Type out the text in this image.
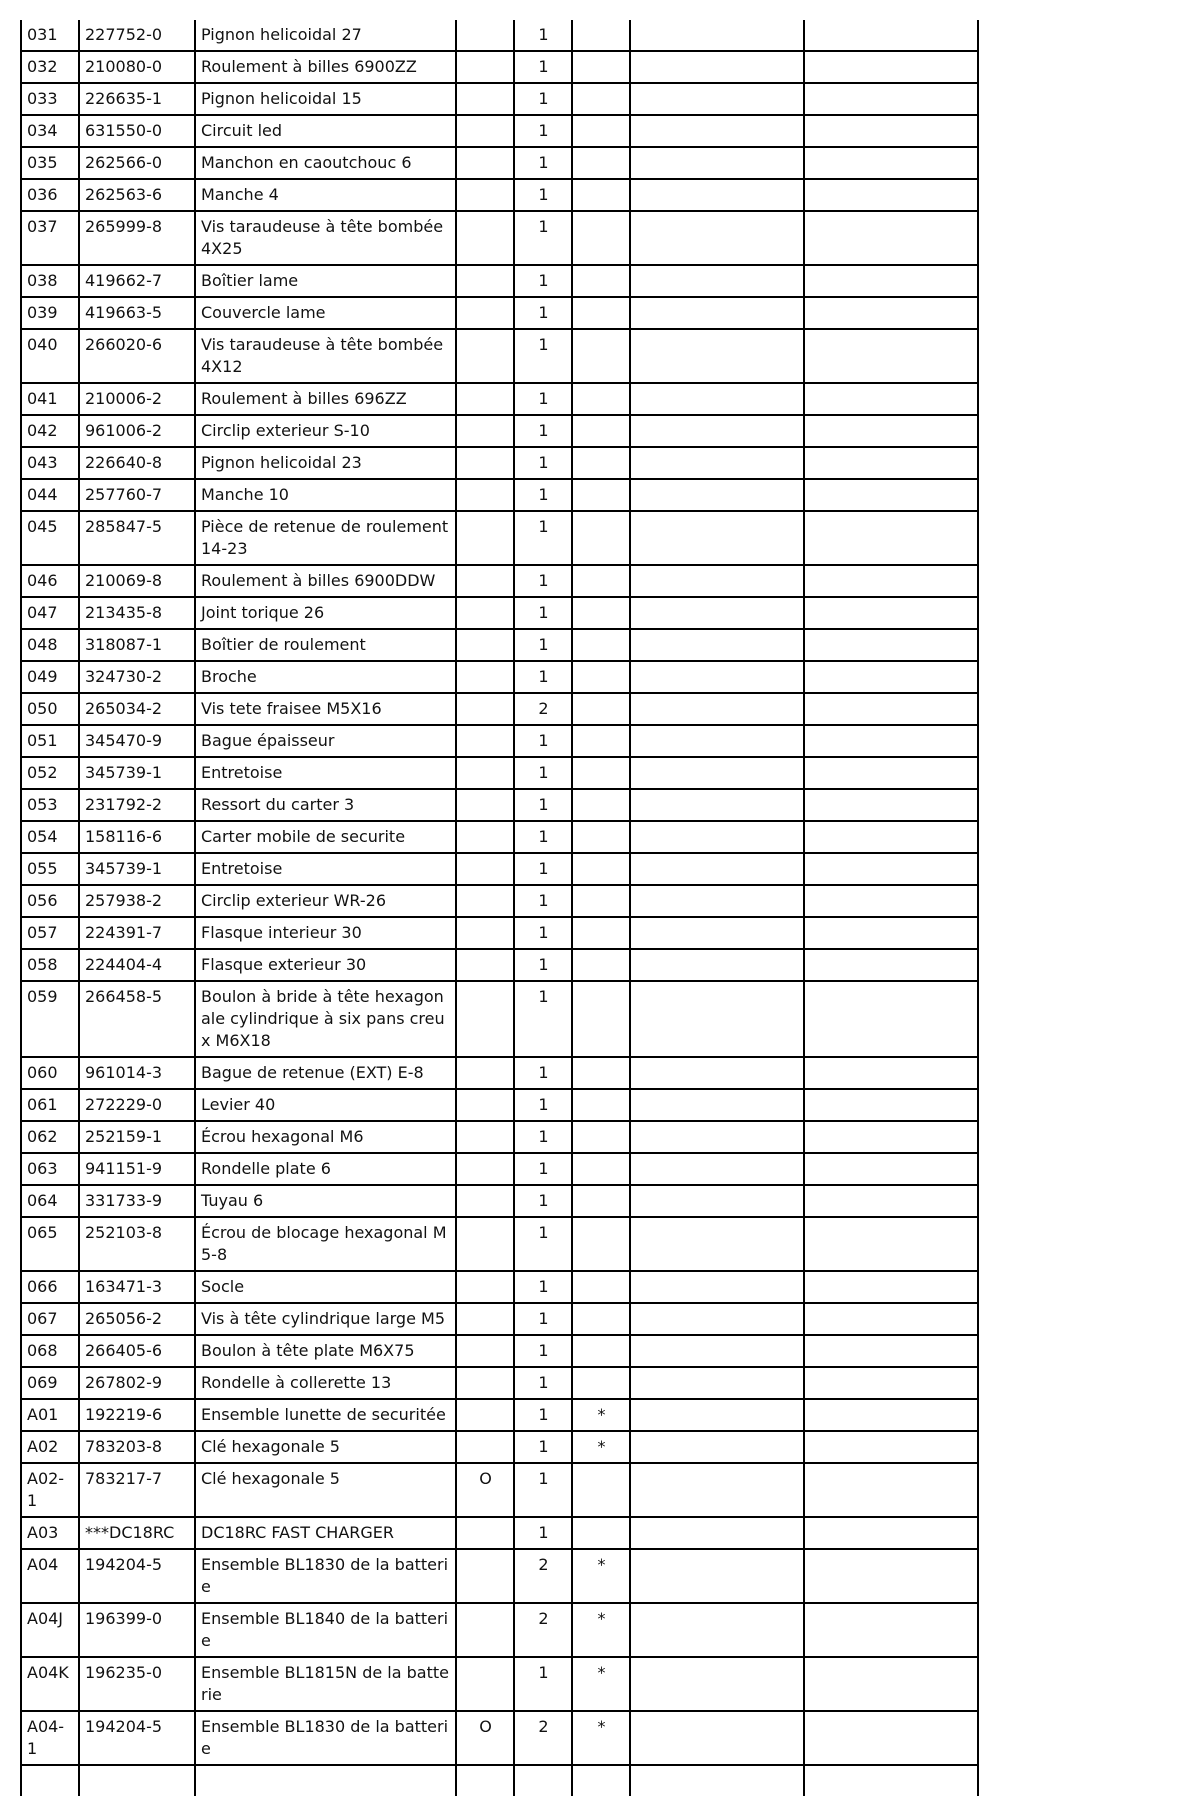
031	227752-0	Pignon helicoidal 27		1			
032	210080-0	Roulement à billes 6900ZZ		1			
033	226635-1	Pignon helicoidal 15		1			
034	631550-0	Circuit led		1			
035	262566-0	Manchon en caoutchouc 6		1			
036	262563-6	Manche 4		1			
037	265999-8	Vis taraudeuse à tête bombée 4X25		1			
038	419662-7	Boîtier lame		1			
039	419663-5	Couvercle lame		1			
040	266020-6	Vis taraudeuse à tête bombée 4X12		1			
041	210006-2	Roulement à billes 696ZZ		1			
042	961006-2	Circlip exterieur S-10		1			
043	226640-8	Pignon helicoidal 23		1			
044	257760-7	Manche 10		1			
045	285847-5	Pièce de retenue de roulement 14-23		1			
046	210069-8	Roulement à billes 6900DDW		1			
047	213435-8	Joint torique 26		1			
048	318087-1	Boîtier de roulement		1			
049	324730-2	Broche		1			
050	265034-2	Vis tete fraisee M5X16		2			
051	345470-9	Bague épaisseur		1			
052	345739-1	Entretoise		1			
053	231792-2	Ressort du carter 3		1			
054	158116-6	Carter mobile de securite		1			
055	345739-1	Entretoise		1			
056	257938-2	Circlip exterieur WR-26		1			
057	224391-7	Flasque interieur 30		1			
058	224404-4	Flasque exterieur 30		1			
059	266458-5	Boulon à bride à tête hexagonale cylindrique à six pans creux M6X18		1			
060	961014-3	Bague de retenue (EXT) E-8		1			
061	272229-0	Levier 40		1			
062	252159-1	Écrou hexagonal M6		1			
063	941151-9	Rondelle plate 6		1			
064	331733-9	Tuyau 6		1			
065	252103-8	Écrou de blocage hexagonal M5-8		1			
066	163471-3	Socle		1			
067	265056-2	Vis à tête cylindrique large M5		1			
068	266405-6	Boulon à tête plate M6X75		1			
069	267802-9	Rondelle à collerette 13		1			
A01	192219-6	Ensemble lunette de securitée		1	*		
A02	783203-8	Clé hexagonale 5		1	*		
A02-1	783217-7	Clé hexagonale 5	O	1			
A03	***DC18RC	DC18RC FAST CHARGER		1			
A04	194204-5	Ensemble BL1830 de la batterie		2	*		
A04J	196399-0	Ensemble BL1840 de la batterie		2	*		
A04K	196235-0	Ensemble BL1815N de la batterie		1	*		
A04-1	194204-5	Ensemble BL1830 de la batterie	O	2	*		
